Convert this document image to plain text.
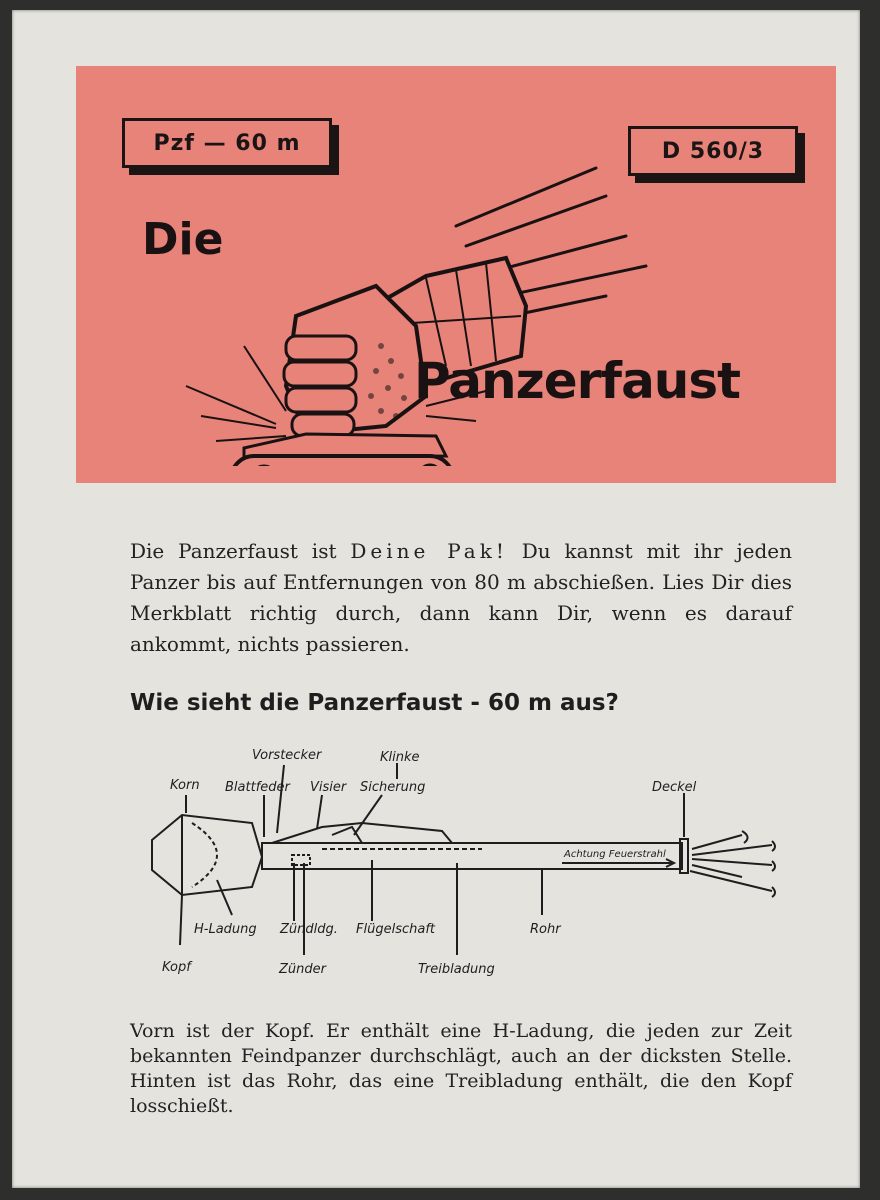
Pzf — 60 m	D 560/3
Die
Panzerfaust

Die Panzerfaust ist Deine Pak! Du kannst mit ihr jeden Panzer bis auf Entfernungen von 80 m abschießen. Lies Dir dies Merkblatt richtig durch, dann kann Dir, wenn es darauf ankommt, nichts passieren.

Wie sieht die Panzerfaust - 60 m aus?
Korn
Vorstecker
Blattfeder Visier
Klinke
Sicherung	Deckel
Achtung Feuerstrahl
H-Ladung Zündldg. Flügelschaft	Rohr
Kopf	Zünder	Treibladung

Vorn ist der Kopf. Er enthält eine H-Ladung, die jeden zur Zeit bekannten Feindpanzer durchschlägt, auch an der dicksten Stelle. Hinten ist das Rohr, das eine Treibladung enthält, die den Kopf losschießt.
